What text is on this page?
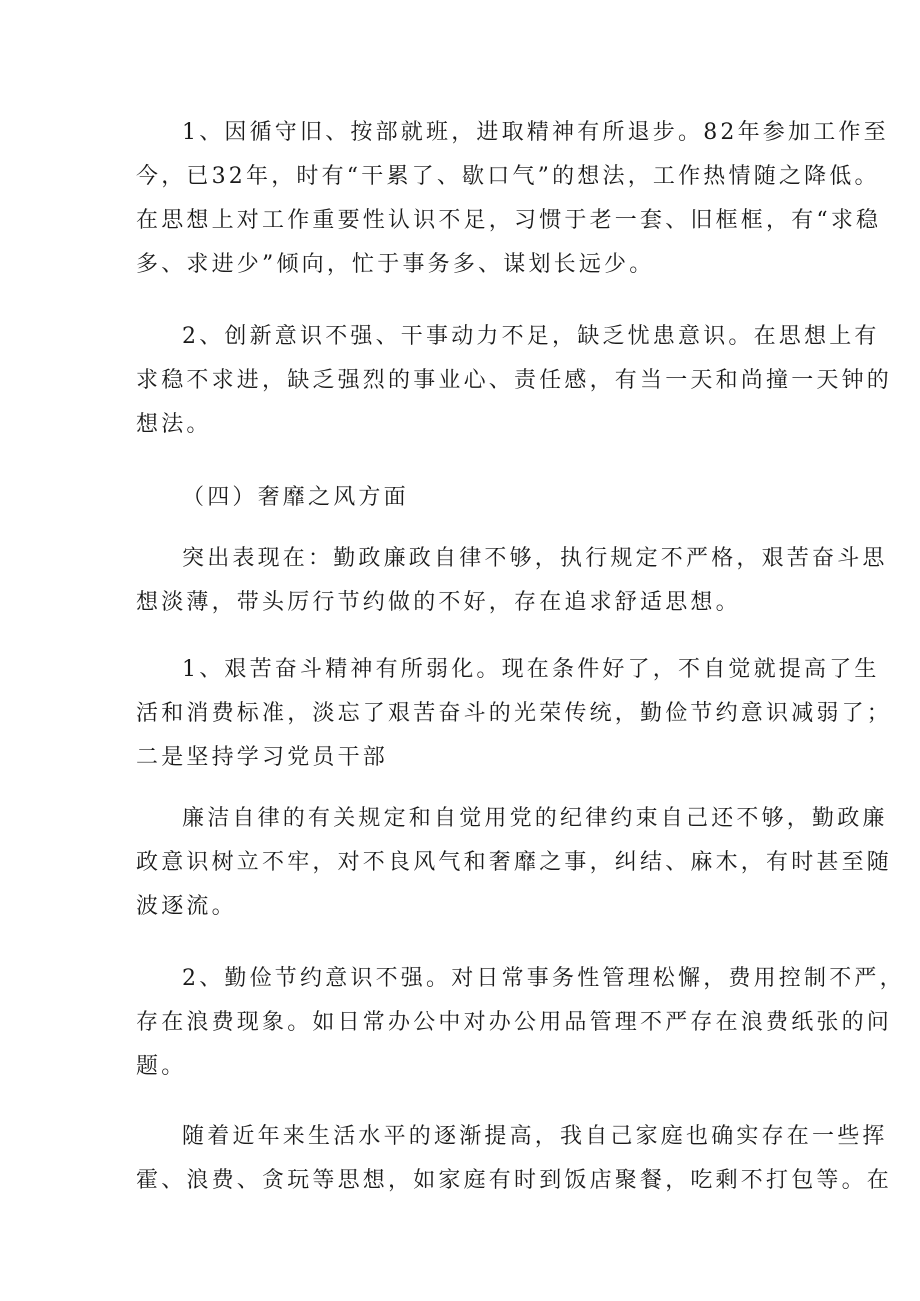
1、因循守旧、按部就班，进取精神有所退步。82年参加工作至
今，已32年，时有“干累了、歇口气”的想法，工作热情随之降低。
在思想上对工作重要性认识不足，习惯于老一套、旧框框，有“求稳
多、求进少”倾向，忙于事务多、谋划长远少。
2、创新意识不强、干事动力不足，缺乏忧患意识。在思想上有
求稳不求进，缺乏强烈的事业心、责任感，有当一天和尚撞一天钟的
想法。
（四）奢靡之风方面
突出表现在：勤政廉政自律不够，执行规定不严格，艰苦奋斗思
想淡薄，带头厉行节约做的不好，存在追求舒适思想。
1、艰苦奋斗精神有所弱化。现在条件好了，不自觉就提高了生
活和消费标准，淡忘了艰苦奋斗的光荣传统，勤俭节约意识减弱了；
二是坚持学习党员干部
廉洁自律的有关规定和自觉用党的纪律约束自己还不够，勤政廉
政意识树立不牢，对不良风气和奢靡之事，纠结、麻木，有时甚至随
波逐流。
2、勤俭节约意识不强。对日常事务性管理松懈，费用控制不严，
存在浪费现象。如日常办公中对办公用品管理不严存在浪费纸张的问
题。
随着近年来生活水平的逐渐提高，我自己家庭也确实存在一些挥
霍、浪费、贪玩等思想，如家庭有时到饭店聚餐，吃剩不打包等。在
